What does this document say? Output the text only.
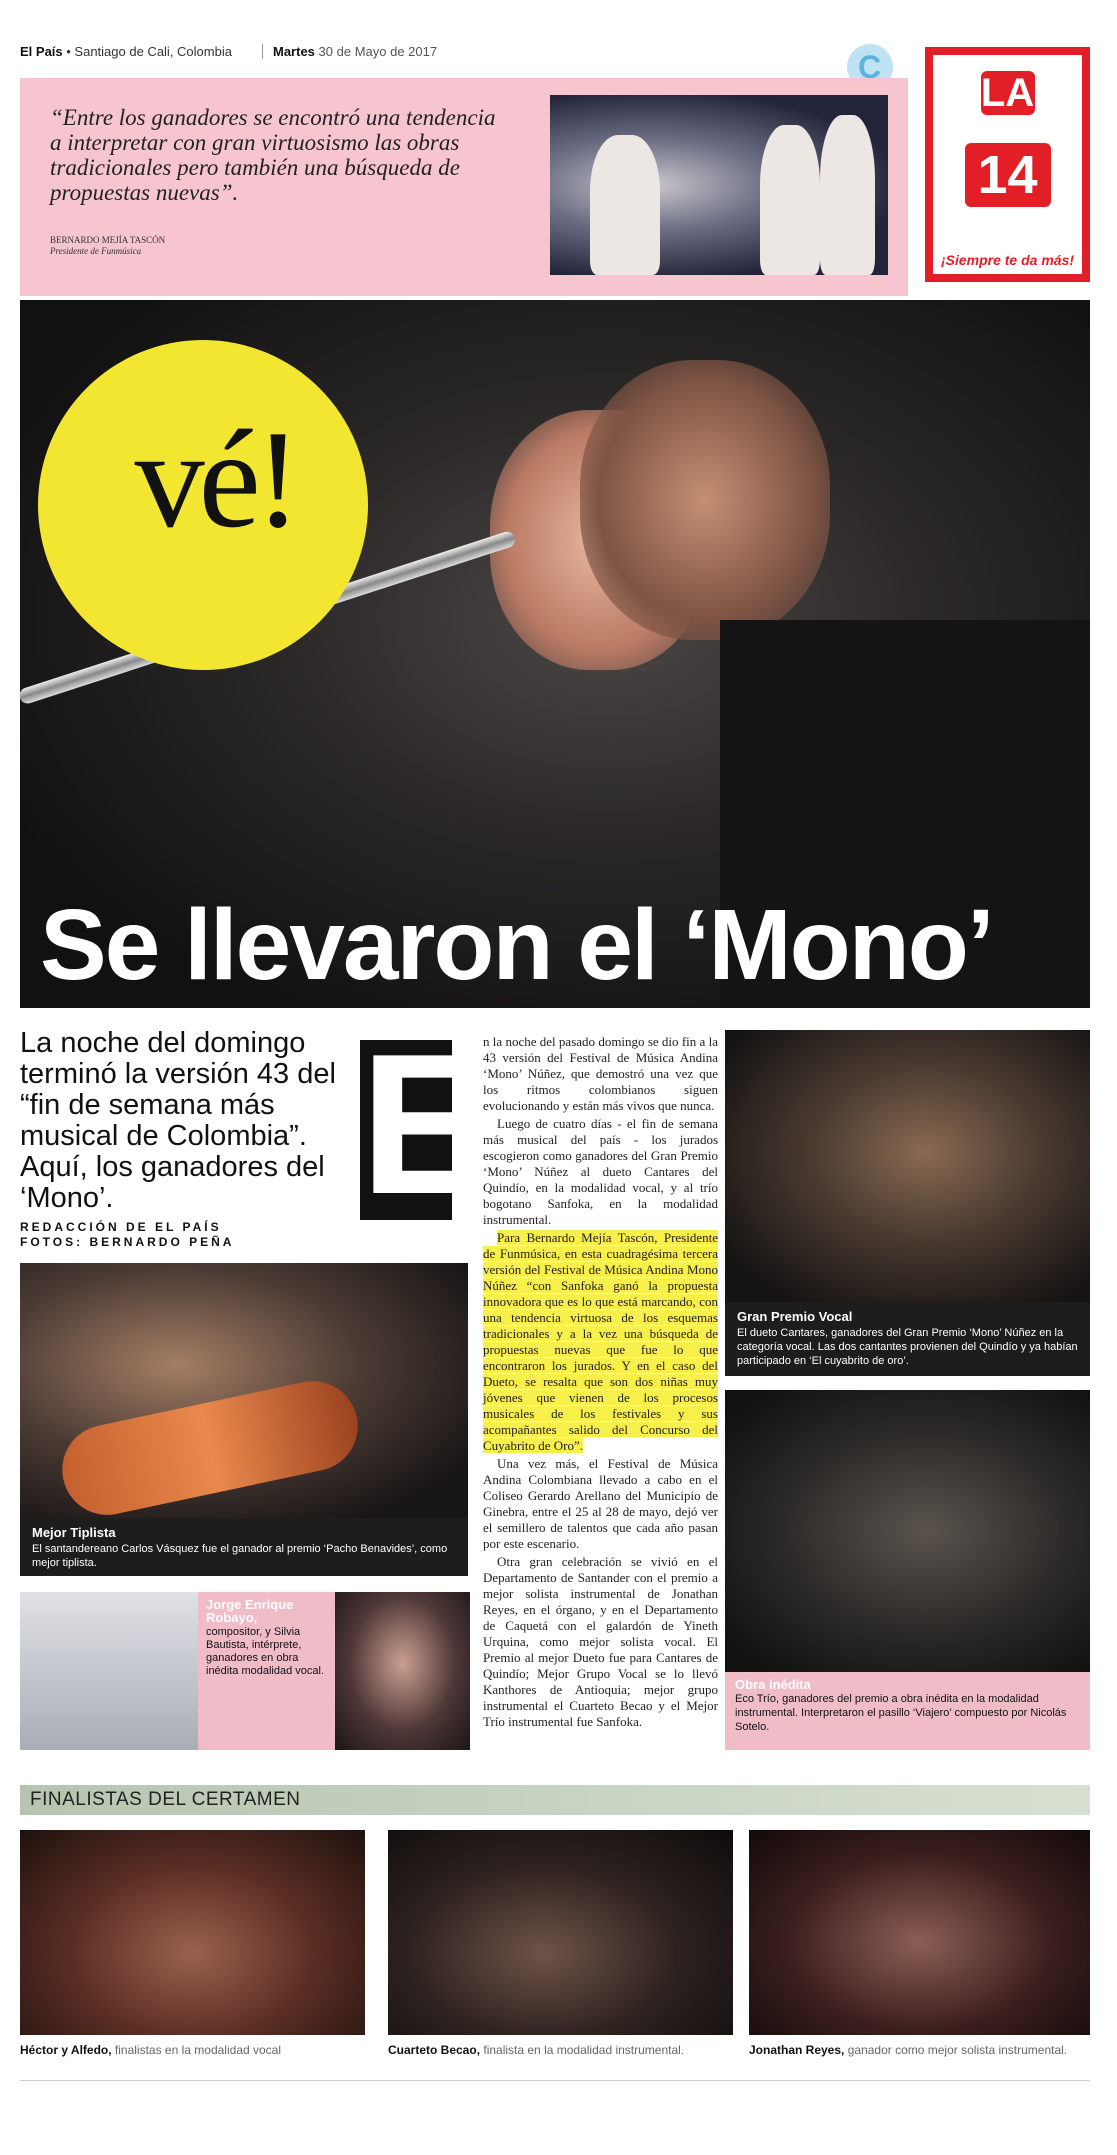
El País • Santiago de Cali, Colombia	Martes 30 de Mayo de 2017
C
“Entre los ganadores se encontró una tendencia a interpretar con gran virtuosismo las obras tradicionales pero también una búsqueda de propuestas nuevas”.
BERNARDO MEJÍA TASCÓN
Presidente de Funmúsica
LA
14
¡Siempre te da más!
vé!
Se llevaron el ‘Mono’
La noche del domingo terminó la versión 43 del “fin de semana más musical de Colombia”. Aquí, los ganadores del ‘Mono’.	E
REDACCIÓN DE EL PAÍS
FOTOS: BERNARDO PEÑA
Mejor Tiplista
El santandereano Carlos Vásquez fue el ganador al premio ‘Pacho Benavides’, como mejor tiplista.
Jorge Enrique Robayo,
compositor, y Silvia Bautista, intérprete, ganadores en obra inédita modalidad vocal.

n la noche del pasado domingo se dio fin a la 43 versión del Festival de Música Andina ‘Mono’ Núñez, que demostró una vez que los ritmos colombianos siguen evolucionando y están más vivos que nunca.

Luego de cuatro días - el fin de semana más musical del país - los jurados escogieron como ganadores del Gran Premio ‘Mono’ Núñez al dueto Cantares del Quindío, en la modalidad vocal, y al trío bogotano Sanfoka, en la modalidad instrumental.

Para Bernardo Mejía Tascón, Presidente de Funmúsica, en esta cuadragésima tercera versión del Festival de Música Andina Mono Núñez “con Sanfoka ganó la propuesta innovadora que es lo que está marcando, con una tendencia virtuosa de los esquemas tradicionales y a la vez una búsqueda de propuestas nuevas que fue lo que encontraron los jurados. Y en el caso del Dueto, se resalta que son dos niñas muy jóvenes que vienen de los procesos musicales de los festivales y sus acompañantes salido del Concurso del Cuyabrito de Oro”.

Una vez más, el Festival de Música Andina Colombiana llevado a cabo en el Coliseo Gerardo Arellano del Municipio de Ginebra, entre el 25 al 28 de mayo, dejó ver el semillero de talentos que cada año pasan por este escenario.

Otra gran celebración se vivió en el Departamento de Santander con el premio a mejor solista instrumental de Jonathan Reyes, en el órgano, y en el Departamento de Caquetá con el galardón de Yineth Urquina, como mejor solista vocal. El Premio al mejor Dueto fue para Cantares de Quindío; Mejor Grupo Vocal se lo llevó Kanthores de Antioquia; mejor grupo instrumental el Cuarteto Becao y el Mejor Trío instrumental fue Sanfoka.

Gran Premio Vocal
El dueto Cantares, ganadores del Gran Premio ‘Mono’ Núñez en la categoría vocal. Las dos cantantes provienen del Quindío y ya habían participado en ‘El cuyabrito de oro’.
Obra inédita
Eco Trío, ganadores del premio a obra inédita en la modalidad instrumental. Interpretaron el pasillo ‘Viajero’ compuesto por Nicolás Sotelo.
FINALISTAS DEL CERTAMEN
Héctor y Alfedo, finalistas en la modalidad vocal	Cuarteto Becao, finalista en la modalidad instrumental.	Jonathan Reyes, ganador como mejor solista instrumental.
